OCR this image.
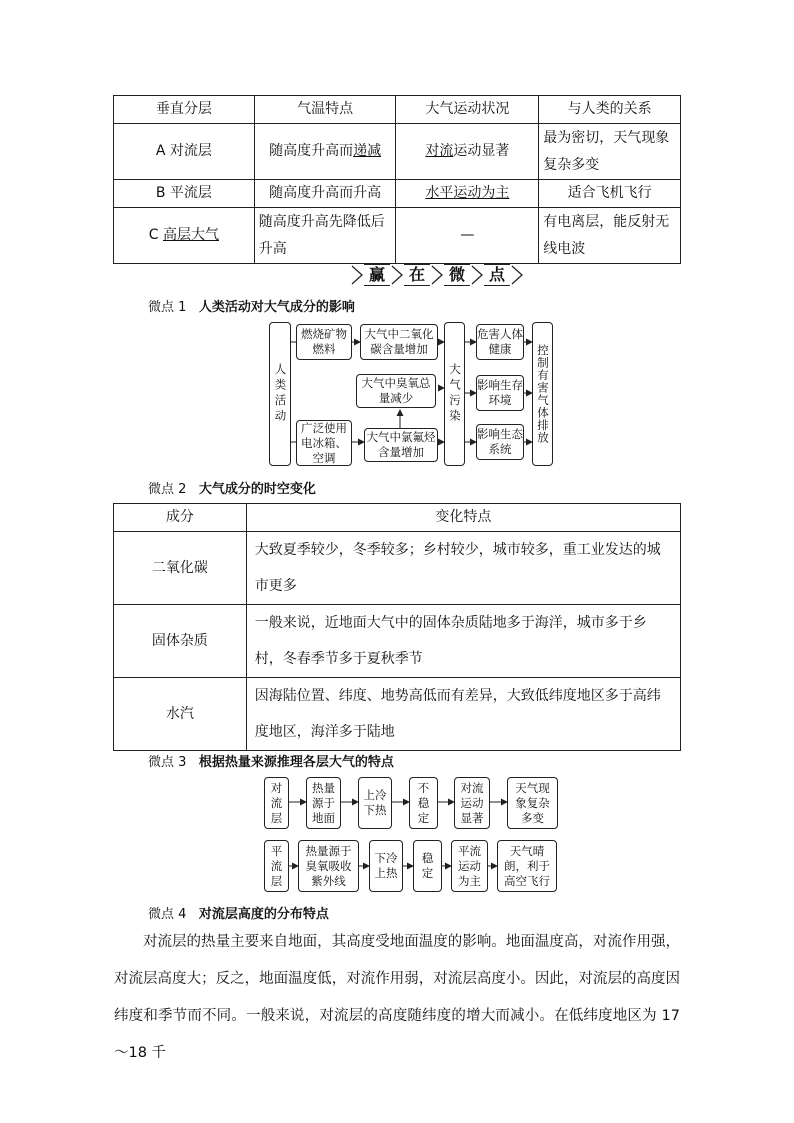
垂直分层	气温特点	大气运动状况	与人类的关系
A 对流层	随高度升高而递减	对流运动显著	最为密切，天气现象复杂多变
B 平流层	随高度升高而升高	水平运动为主	适合飞机飞行
C 高层大气	随高度升高先降低后升高	—	有电离层，能反射无线电波
赢	在	微	点
微点 1 人类活动对大气成分的影响
人类活动
燃烧矿物燃料
广泛使用电冰箱、空调
大气中二氧化碳含量增加
大气中臭氧总量减少
大气中氯氟烃含量增加
大气污染
危害人体健康
影响生存环境
影响生态系统
控制有害气体排放
微点 2 大气成分的时空变化
成分	变化特点
二氧化碳	大致夏季较少，冬季较多；乡村较少，城市较多，重工业发达的城市更多
固体杂质	一般来说，近地面大气中的固体杂质陆地多于海洋，城市多于乡村，冬春季节多于夏秋季节
水汽	因海陆位置、纬度、地势高低而有差异，大致低纬度地区多于高纬度地区，海洋多于陆地
微点 3 根据热量来源推理各层大气的特点
对流层
热量源于地面
上冷下热
不稳定
对流运动显著
天气现象复杂多变
平流层
热量源于臭氧吸收紫外线
下冷上热
稳定
平流运动为主
天气晴朗，利于高空飞行
微点 4 对流层高度的分布特点
对流层的热量主要来自地面，其高度受地面温度的影响。地面温度高，对流作用强，对流层高度大；反之，地面温度低，对流作用弱，对流层高度小。因此，对流层的高度因纬度和季节而不同。一般来说，对流层的高度随纬度的增大而减小。在低纬度地区为 17～18 千
